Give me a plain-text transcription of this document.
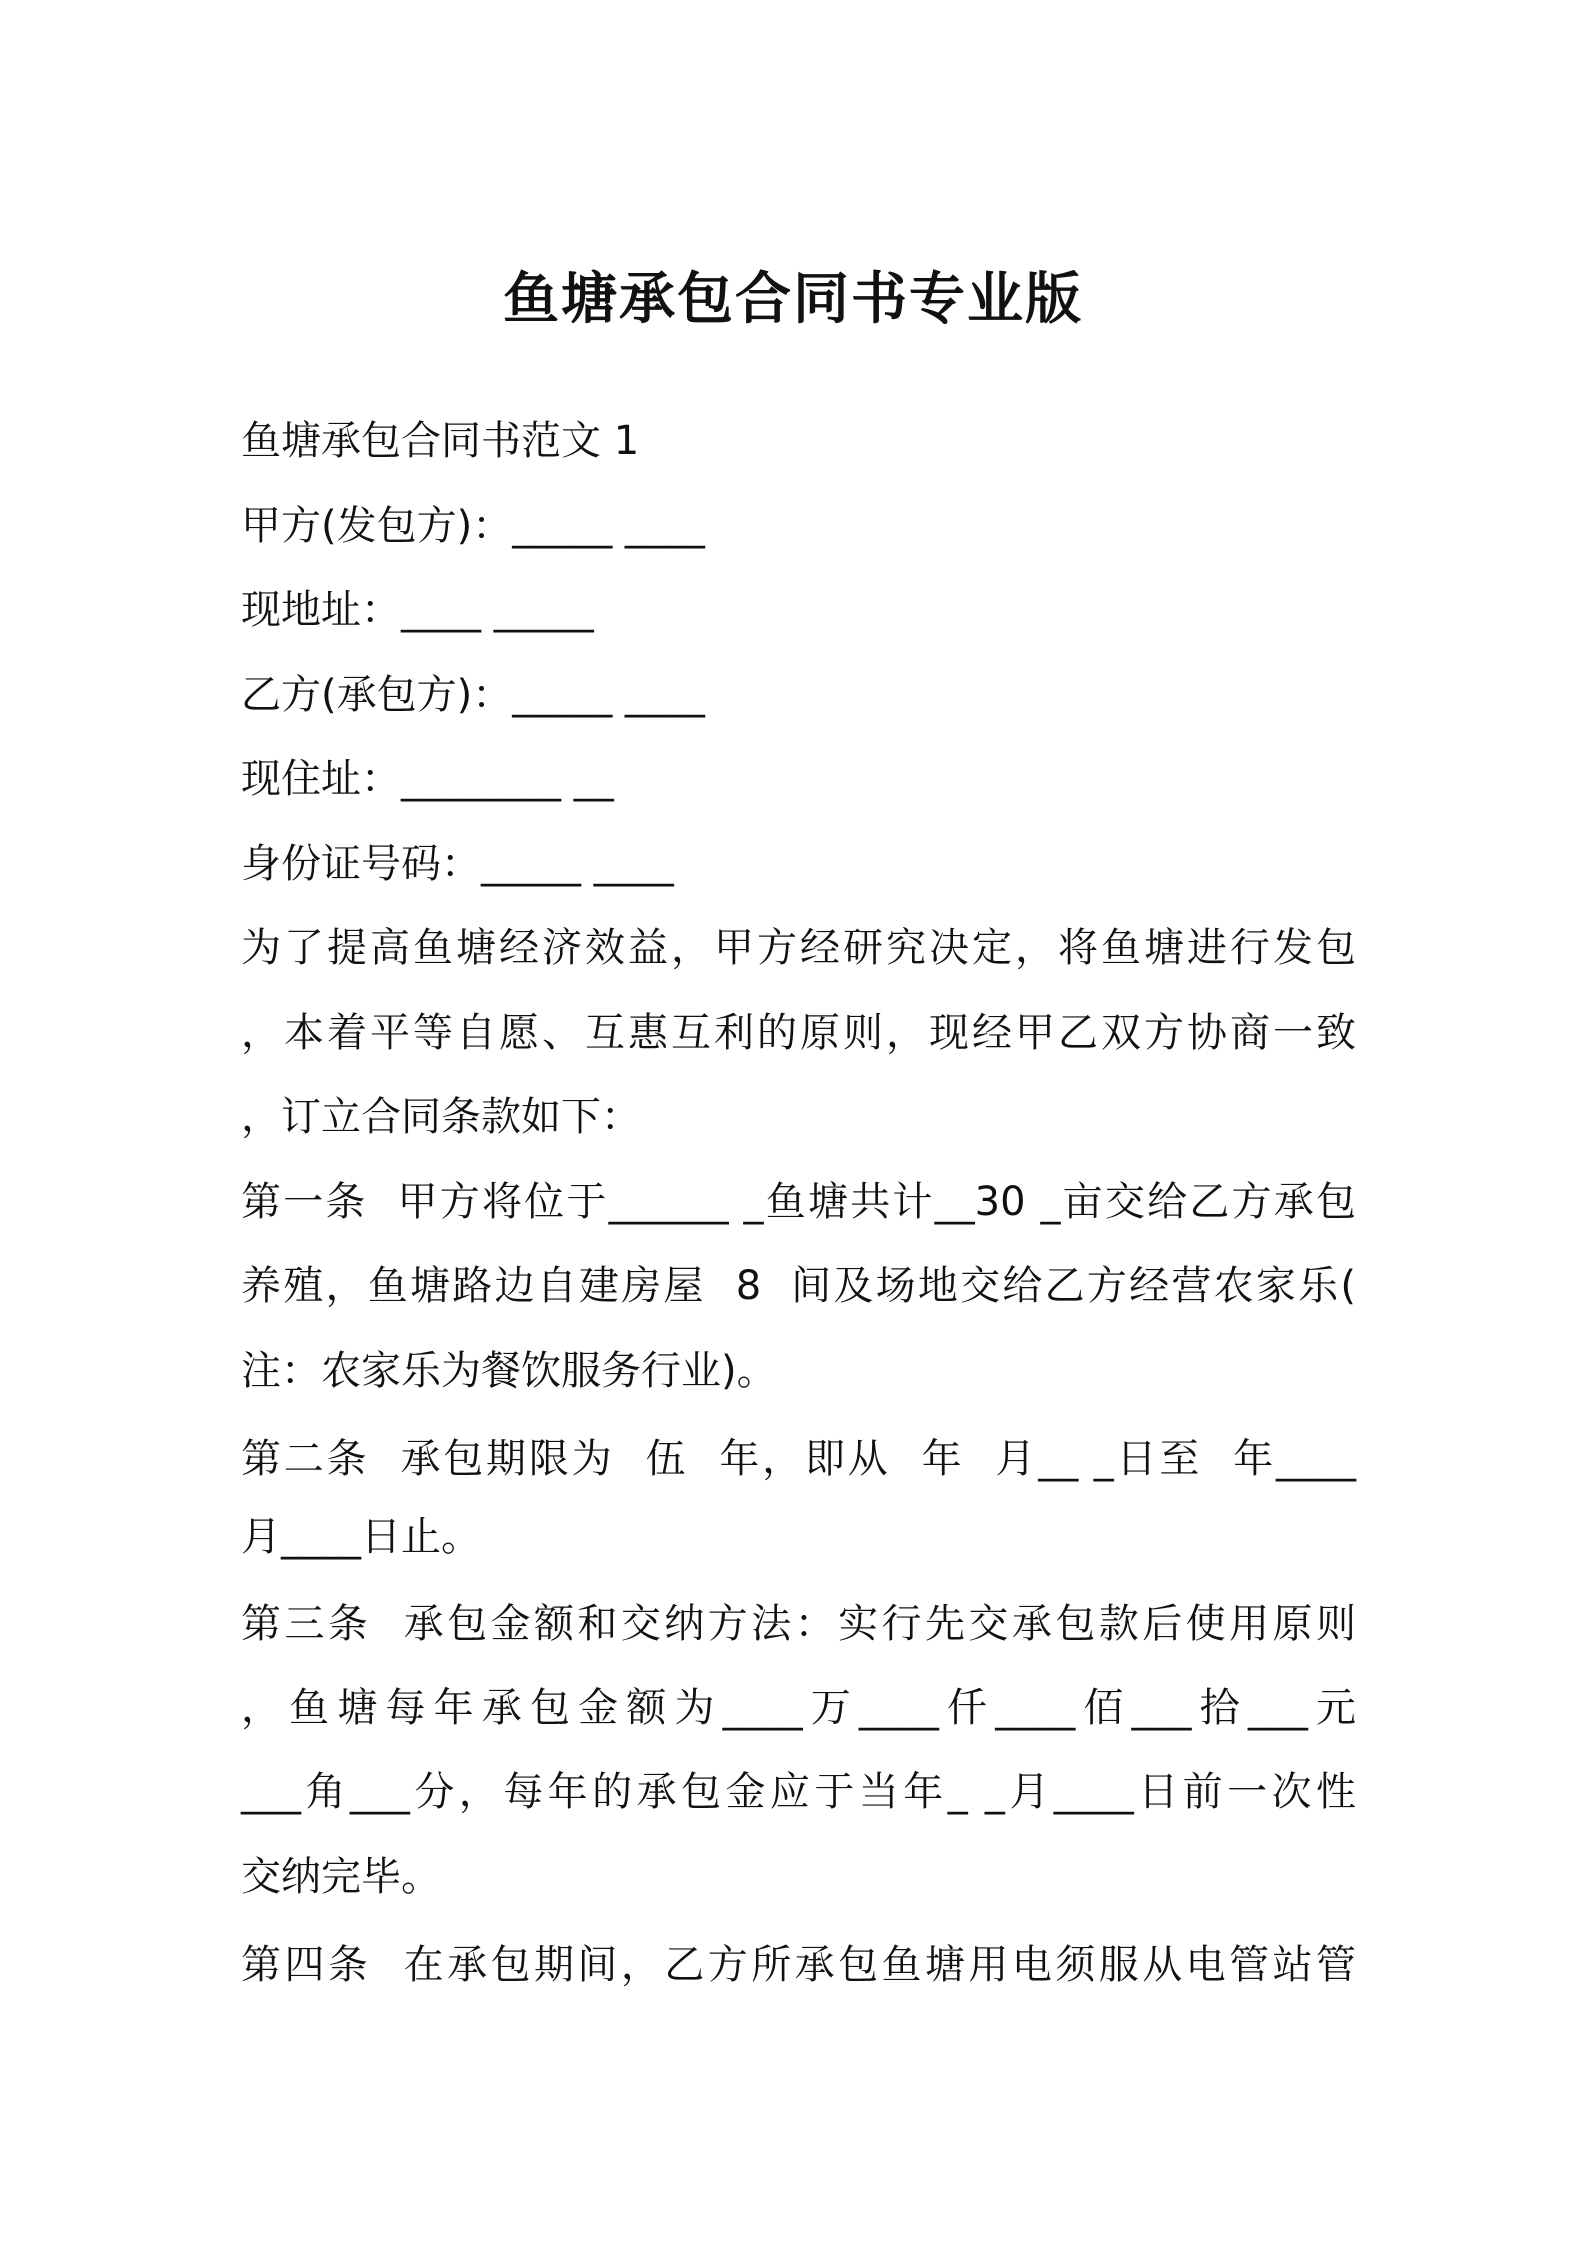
鱼塘承包合同书专业版
鱼塘承包合同书范文 1
甲方(发包方)：_____ ____
现地址：____ _____
乙方(承包方)：_____ ____
现住址：________ __
身份证号码：_____ ____
为了提高鱼塘经济效益，甲方经研究决定，将鱼塘进行发包
，本着平等自愿、互惠互利的原则，现经甲乙双方协商一致
，订立合同条款如下：
第一条  甲方将位于______ _鱼塘共计__30 _亩交给乙方承包
养殖，鱼塘路边自建房屋  8  间及场地交给乙方经营农家乐(
注：农家乐为餐饮服务行业)。
第二条  承包期限为  伍  年，即从  年  月__ _日至  年____
月____日止。
第三条  承包金额和交纳方法：实行先交承包款后使用原则
，鱼塘每年承包金额为____万____仟____佰___拾___元
___角___分，每年的承包金应于当年_ _月____日前一次性
交纳完毕。
第四条  在承包期间，乙方所承包鱼塘用电须服从电管站管
